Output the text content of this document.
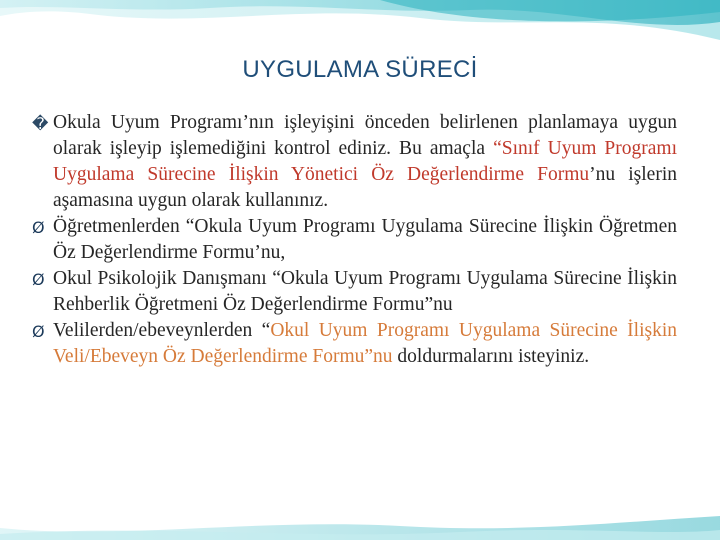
UYGULAMA SÜRECİ

� Okula Uyum Programı’nın işleyişini önceden belirlenen planlamaya uygun olarak işleyip işlemediğini kontrol ediniz. Bu amaçla “Sınıf Uyum Programı Uygulama Sürecine İlişkin Yönetici Öz Değerlendirme Formu’nu işlerin aşamasına uygun olarak kullanınız.

Ø Öğretmenlerden “Okula Uyum Programı Uygulama Sürecine İlişkin Öğretmen Öz Değerlendirme Formu’nu,

Ø Okul Psikolojik Danışmanı “Okula Uyum Programı Uygulama Sürecine İlişkin Rehberlik Öğretmeni Öz Değerlendirme Formu”nu

Ø Velilerden/ebeveynlerden “Okul Uyum Programı Uygulama Sürecine İlişkin Veli/Ebeveyn Öz Değerlendirme Formu”nu doldurmalarını isteyiniz.
